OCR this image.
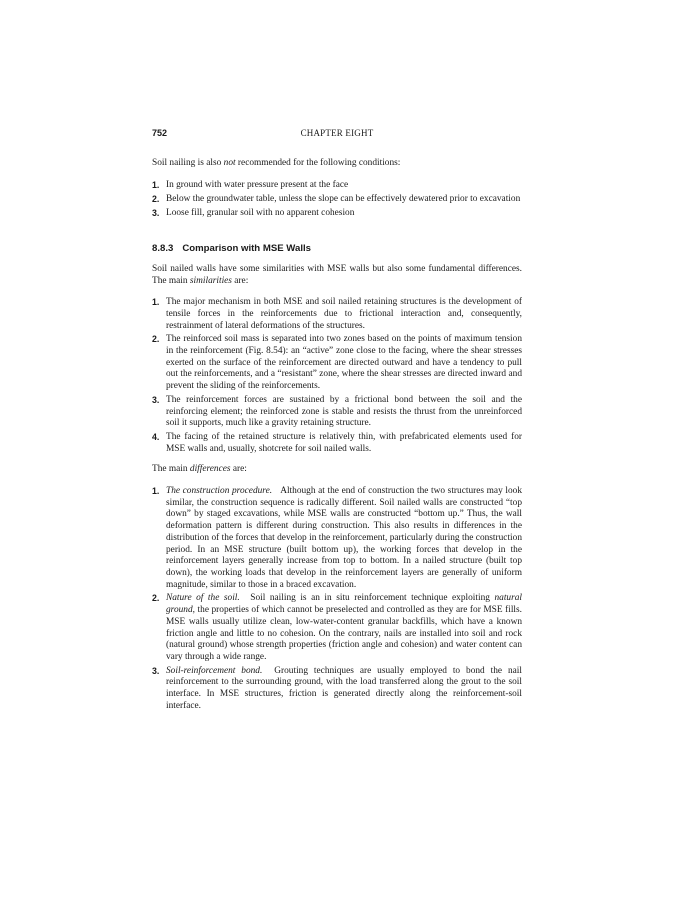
752	CHAPTER EIGHT

Soil nailing is also not recommended for the following conditions:

1. In ground with water pressure present at the face
2. Below the groundwater table, unless the slope can be effectively dewatered prior to excavation
3. Loose fill, granular soil with no apparent cohesion
8.8.3 Comparison with MSE Walls

Soil nailed walls have some similarities with MSE walls but also some fundamental differences. The main similarities are:

1. The major mechanism in both MSE and soil nailed retaining structures is the development of tensile forces in the reinforcements due to frictional interaction and, consequently, restrainment of lateral deformations of the structures.
2. The reinforced soil mass is separated into two zones based on the points of maximum tension in the reinforcement (Fig. 8.54): an “active” zone close to the facing, where the shear stresses exerted on the surface of the reinforcement are directed outward and have a tendency to pull out the reinforcements, and a “resistant” zone, where the shear stresses are directed inward and prevent the sliding of the reinforcements.
3. The reinforcement forces are sustained by a frictional bond between the soil and the reinforcing element; the reinforced zone is stable and resists the thrust from the unreinforced soil it supports, much like a gravity retaining structure.
4. The facing of the retained structure is relatively thin, with prefabricated elements used for MSE walls and, usually, shotcrete for soil nailed walls.

The main differences are:

1. The construction procedure. Although at the end of construction the two structures may look similar, the construction sequence is radically different. Soil nailed walls are constructed “top down” by staged excavations, while MSE walls are constructed “bottom up.” Thus, the wall deformation pattern is different during construction. This also results in differences in the distribution of the forces that develop in the reinforcement, particularly during the construction period. In an MSE structure (built bottom up), the working forces that develop in the reinforcement layers generally increase from top to bottom. In a nailed structure (built top down), the working loads that develop in the reinforcement layers are generally of uniform magnitude, similar to those in a braced excavation.
2. Nature of the soil. Soil nailing is an in situ reinforcement technique exploiting natural ground, the properties of which cannot be preselected and controlled as they are for MSE fills. MSE walls usually utilize clean, low-water-content granular backfills, which have a known friction angle and little to no cohesion. On the contrary, nails are installed into soil and rock (natural ground) whose strength properties (friction angle and cohesion) and water content can vary through a wide range.
3. Soil-reinforcement bond. Grouting techniques are usually employed to bond the nail reinforcement to the surrounding ground, with the load transferred along the grout to the soil interface. In MSE structures, friction is generated directly along the reinforcement-soil interface.
